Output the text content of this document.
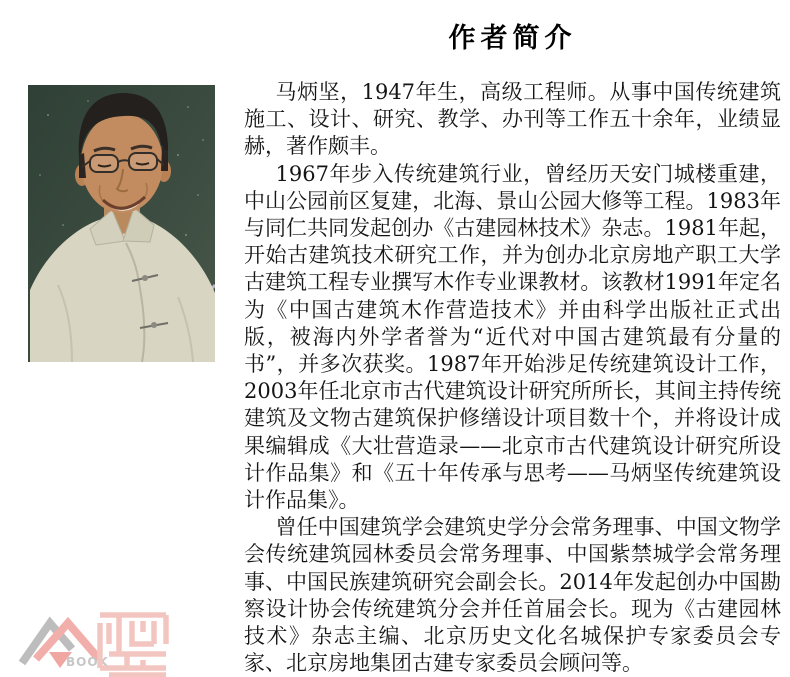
作者简介

马炳坚，1947年生，高级工程师。从事中国传统建筑施工、设计、研究、教学、办刊等工作五十余年，业绩显赫，著作颇丰。

1967年步入传统建筑行业，曾经历天安门城楼重建，中山公园前区复建，北海、景山公园大修等工程。1983年与同仁共同发起创办《古建园林技术》杂志。1981年起，开始古建筑技术研究工作，并为创办北京房地产职工大学古建筑工程专业撰写木作专业课教材。该教材1991年定名为《中国古建筑木作营造技术》并由科学出版社正式出版，被海内外学者誉为“近代对中国古建筑最有分量的书”，并多次获奖。1987年开始涉足传统建筑设计工作，2003年任北京市古代建筑设计研究所所长，其间主持传统建筑及文物古建筑保护修缮设计项目数十个，并将设计成果编辑成《大壮营造录——北京市古代建筑设计研究所设计作品集》和《五十年传承与思考——马炳坚传统建筑设计作品集》。

曾任中国建筑学会建筑史学分会常务理事、中国文物学会传统建筑园林委员会常务理事、中国紫禁城学会常务理事、中国民族建筑研究会副会长。2014年发起创办中国勘察设计协会传统建筑分会并任首届会长。现为《古建园林技术》杂志主编、北京历史文化名城保护专家委员会专家、北京房地集团古建专家委员会顾问等。

BOOK
